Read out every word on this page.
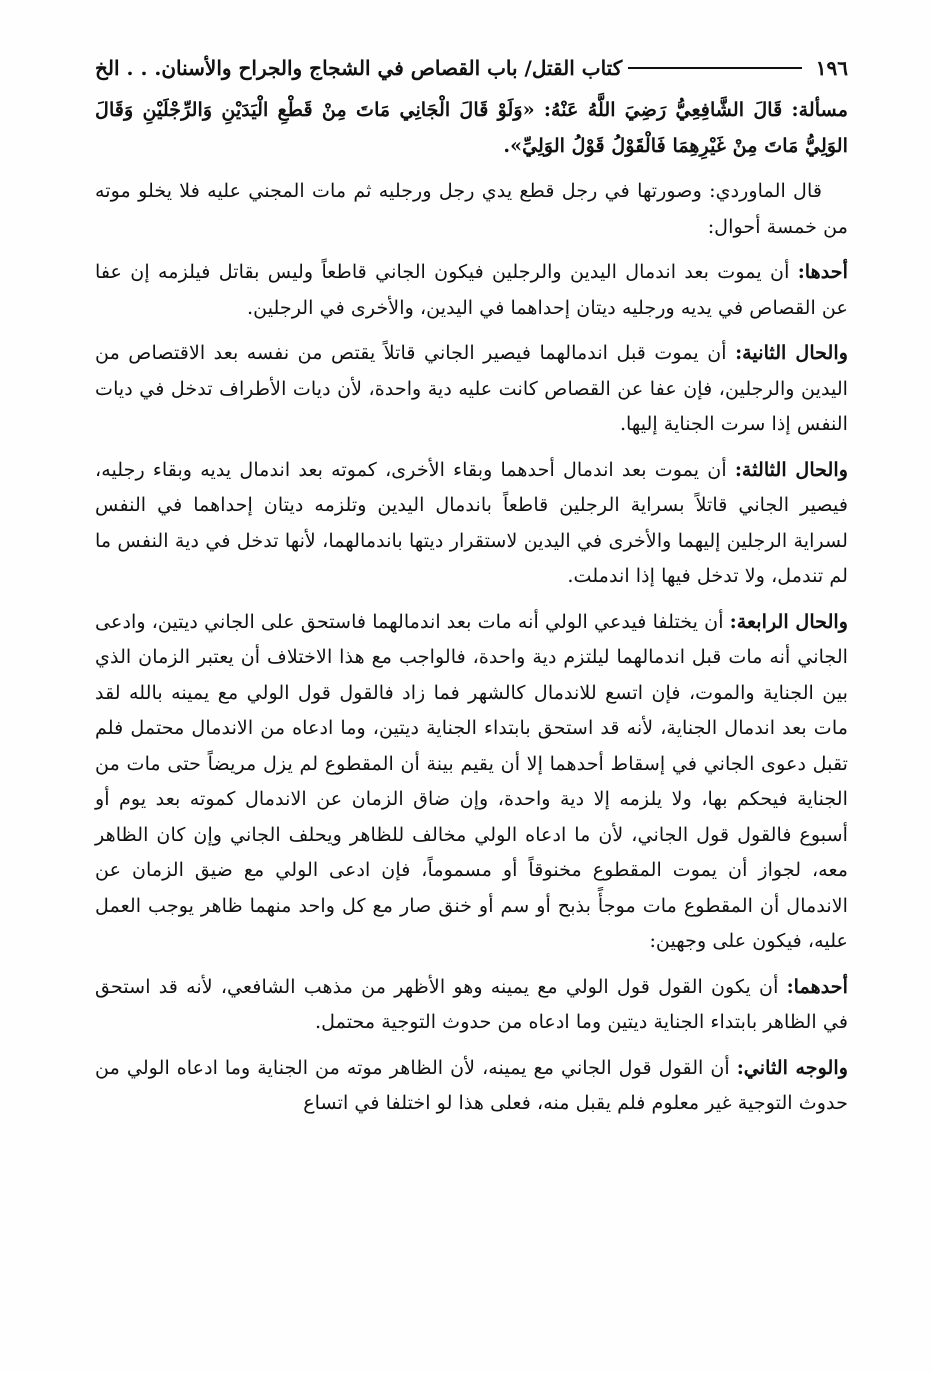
١٩٦
كتاب القتل/ باب القصاص في الشجاج والجراح والأسنان. . . الخ

مسألة: قَالَ الشَّافِعِيُّ رَضِيَ اللَّهُ عَنْهُ: «وَلَوْ قَالَ الْجَانِي مَاتَ مِنْ قَطْعِ الْيَدَيْنِ وَالرِّجْلَيْنِ وَقَالَ الوَلِيُّ مَاتَ مِنْ غَيْرِهِمَا فَالْقَوْلُ قَوْلُ الوَلِيِّ».

قال الماوردي: وصورتها في رجل قطع يدي رجل ورجليه ثم مات المجني عليه فلا يخلو موته من خمسة أحوال:

أحدها: أن يموت بعد اندمال اليدين والرجلين فيكون الجاني قاطعاً وليس بقاتل فيلزمه إن عفا عن القصاص في يديه ورجليه ديتان إحداهما في اليدين، والأخرى في الرجلين.

والحال الثانية: أن يموت قبل اندمالهما فيصير الجاني قاتلاً يقتص من نفسه بعد الاقتصاص من اليدين والرجلين، فإن عفا عن القصاص كانت عليه دية واحدة، لأن ديات الأطراف تدخل في ديات النفس إذا سرت الجناية إليها.

والحال الثالثة: أن يموت بعد اندمال أحدهما وبقاء الأخرى، كموته بعد اندمال يديه وبقاء رجليه، فيصير الجاني قاتلاً بسراية الرجلين قاطعاً باندمال اليدين وتلزمه ديتان إحداهما في النفس لسراية الرجلين إليهما والأخرى في اليدين لاستقرار ديتها باندمالهما، لأنها تدخل في دية النفس ما لم تندمل، ولا تدخل فيها إذا اندملت.

والحال الرابعة: أن يختلفا فيدعي الولي أنه مات بعد اندمالهما فاستحق على الجاني ديتين، وادعى الجاني أنه مات قبل اندمالهما ليلتزم دية واحدة، فالواجب مع هذا الاختلاف أن يعتبر الزمان الذي بين الجناية والموت، فإن اتسع للاندمال كالشهر فما زاد فالقول قول الولي مع يمينه بالله لقد مات بعد اندمال الجناية، لأنه قد استحق بابتداء الجناية ديتين، وما ادعاه من الاندمال محتمل فلم تقبل دعوى الجاني في إسقاط أحدهما إلا أن يقيم بينة أن المقطوع لم يزل مريضاً حتى مات من الجناية فيحكم بها، ولا يلزمه إلا دية واحدة، وإن ضاق الزمان عن الاندمال كموته بعد يوم أو أسبوع فالقول قول الجاني، لأن ما ادعاه الولي مخالف للظاهر ويحلف الجاني وإن كان الظاهر معه، لجواز أن يموت المقطوع مخنوقاً أو مسموماً، فإن ادعى الولي مع ضيق الزمان عن الاندمال أن المقطوع مات موجأً بذبح أو سم أو خنق صار مع كل واحد منهما ظاهر يوجب العمل عليه، فيكون على وجهين:

أحدهما: أن يكون القول قول الولي مع يمينه وهو الأظهر من مذهب الشافعي، لأنه قد استحق في الظاهر بابتداء الجناية ديتين وما ادعاه من حدوث التوجية محتمل.

والوجه الثاني: أن القول قول الجاني مع يمينه، لأن الظاهر موته من الجناية وما ادعاه الولي من حدوث التوجية غير معلوم فلم يقبل منه، فعلى هذا لو اختلفا في اتساع
